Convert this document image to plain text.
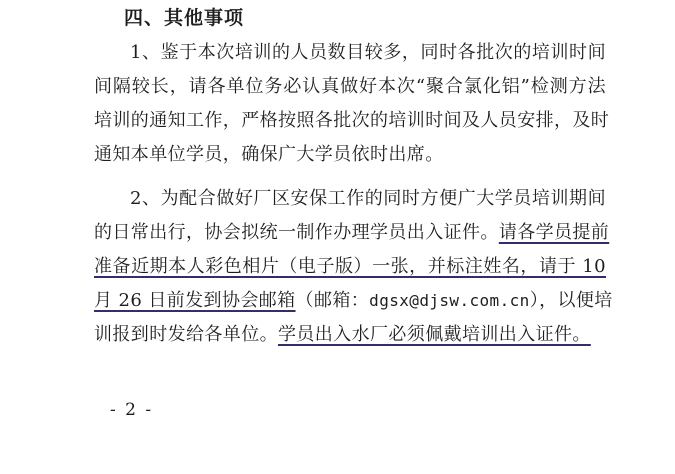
四、其他事项
1、鉴于本次培训的人员数目较多，同时各批次的培训时间
间隔较长，请各单位务必认真做好本次“聚合氯化铝”检测方法
培训的通知工作，严格按照各批次的培训时间及人员安排，及时
通知本单位学员，确保广大学员依时出席。
2、为配合做好厂区安保工作的同时方便广大学员培训期间
的日常出行，协会拟统一制作办理学员出入证件。请各学员提前
准备近期本人彩色相片（电子版）一张，并标注姓名，请于 10
月 26 日前发到协会邮箱（邮箱：dgsx@djsw.com.cn），以便培
训报到时发给各单位。学员出入水厂必须佩戴培训出入证件。
- 2 -
